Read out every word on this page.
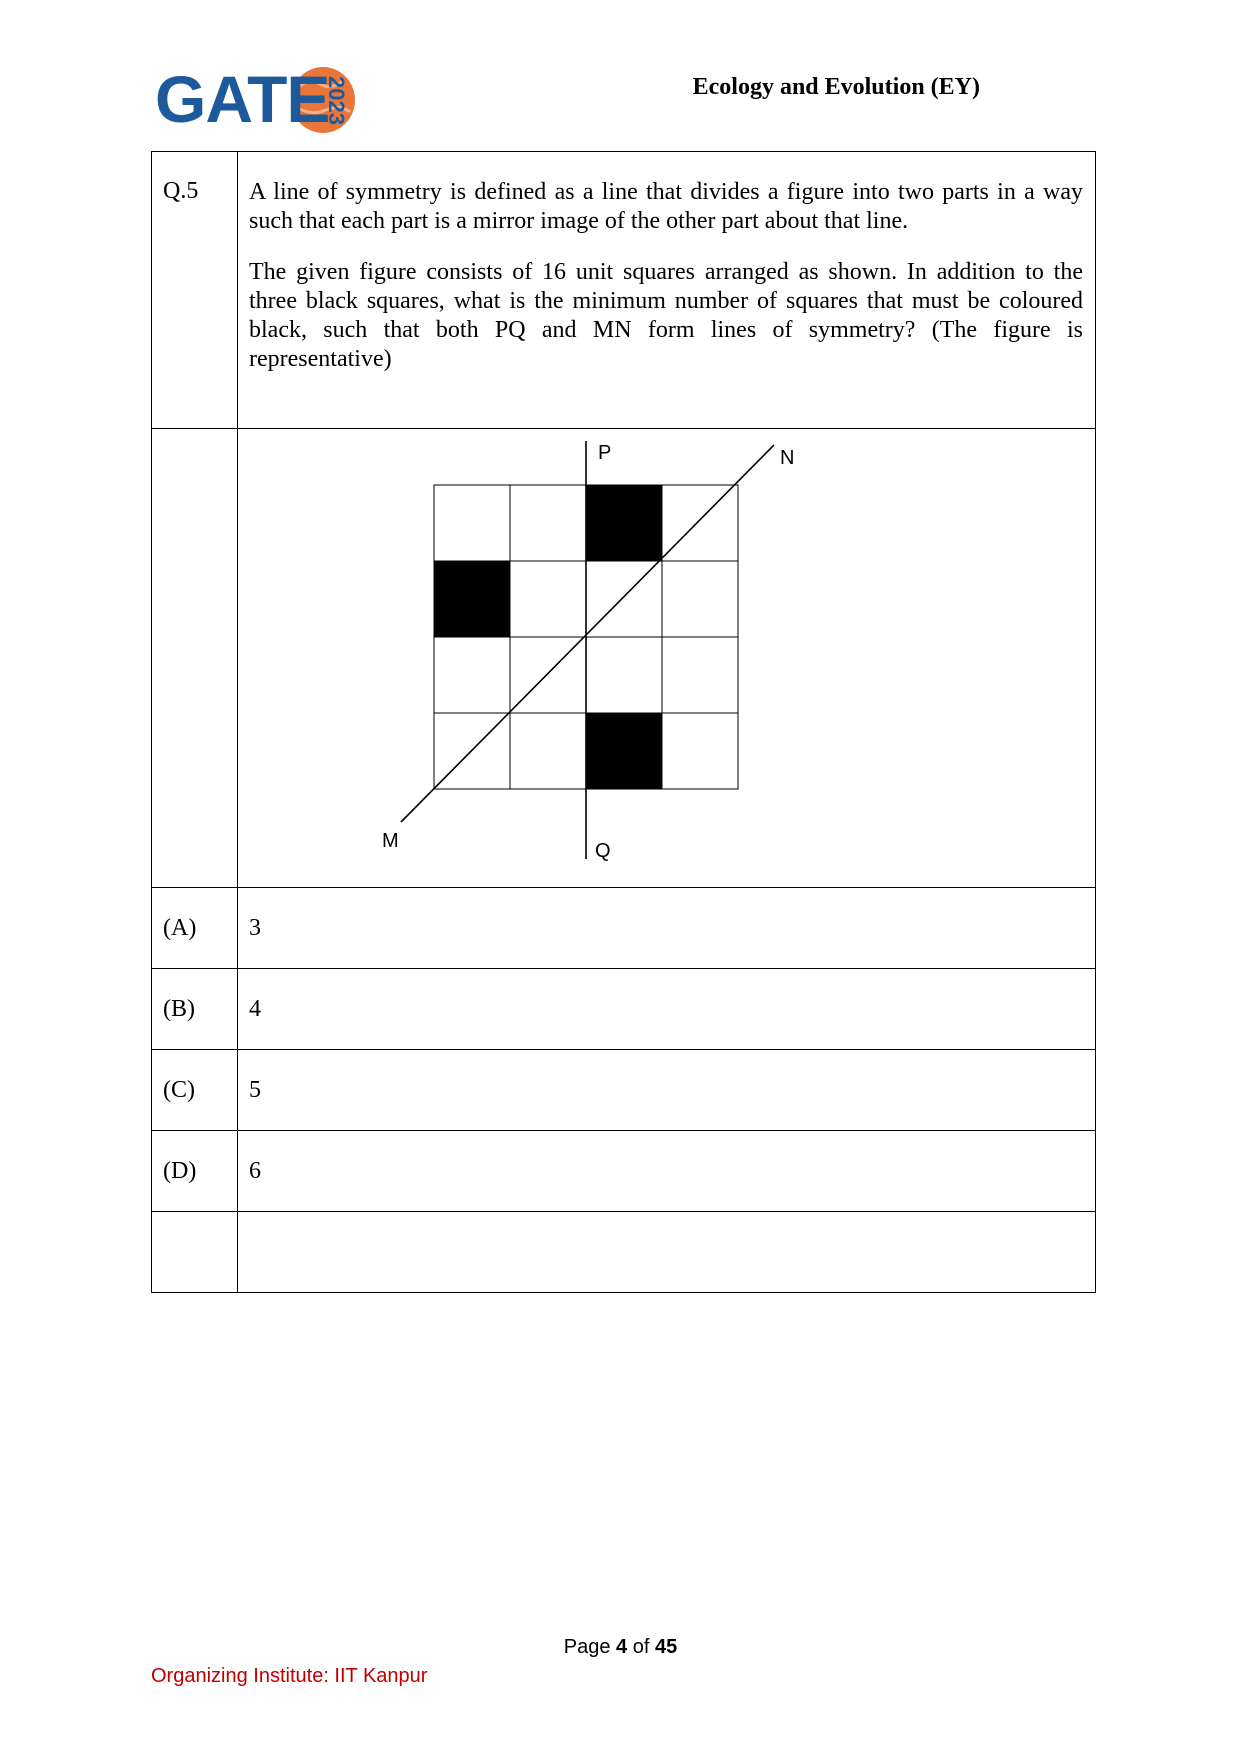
GATE
2023	Ecology and Evolution (EY)
Q.5	A line of symmetry is defined as a line that divides a figure into two parts in a way such that each part is a mirror image of the other part about that line.

The given figure consists of 16 unit squares arranged as shown. In addition to the three black squares, what is the minimum number of squares that must be coloured black, such that both PQ and MN form lines of symmetry? (The figure is representative)

P
Q
M
N

(A)	3
(B)	4
(C)	5
(D)	6

Page 4 of 45
Organizing Institute: IIT Kanpur
